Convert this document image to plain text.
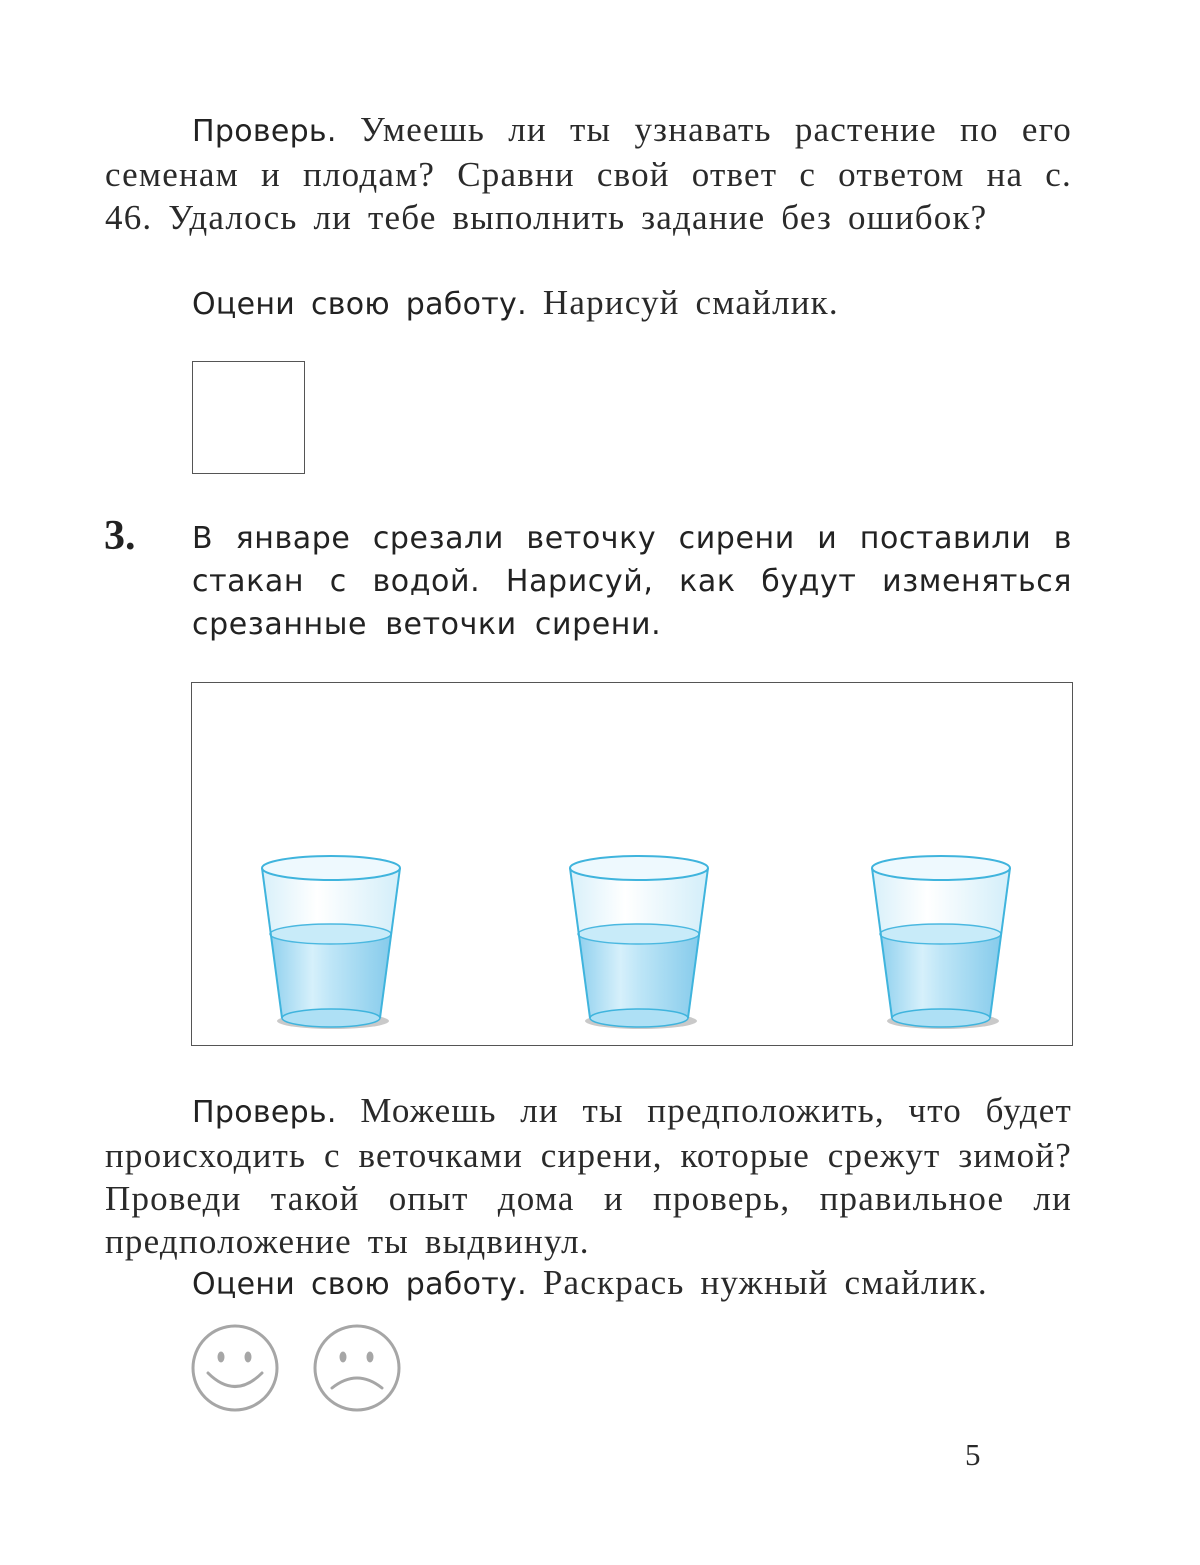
Проверь. Умеешь ли ты узнавать растение по его семенам и плодам? Сравни свой ответ с ответом на с. 46. Удалось ли тебе выполнить задание без ошибок?
Оцени свою работу. Нарисуй смайлик.
3. В январе срезали веточку сирени и поставили в стакан с водой. Нарисуй, как будут изменяться срезанные веточки сирени.
Проверь. Можешь ли ты предположить, что будет происходить с веточками сирени, которые срежут зимой? Проведи такой опыт дома и проверь, правильное ли предположение ты выдвинул.
Оцени свою работу. Раскрась нужный смайлик.
5
